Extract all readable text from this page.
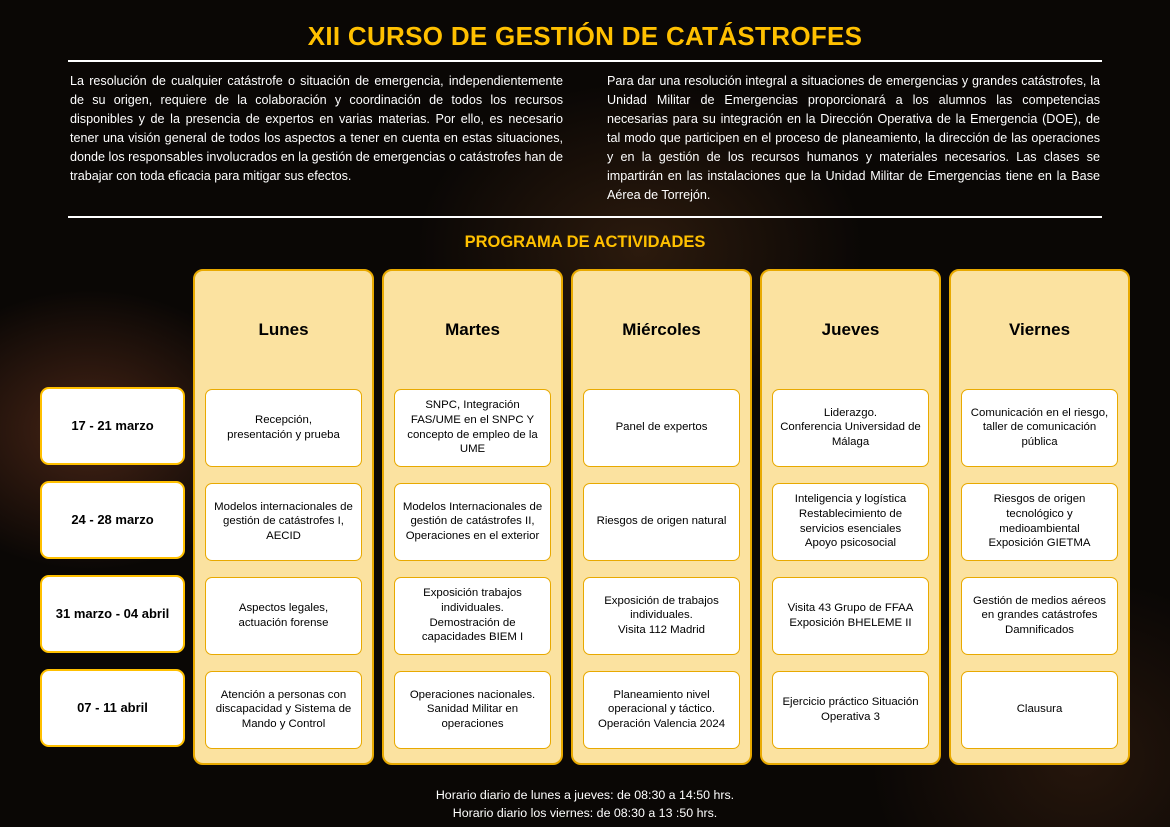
XII CURSO DE GESTIÓN DE CATÁSTROFES

La resolución de cualquier catástrofe o situación de emergencia, independientemente de su origen, requiere de la colaboración y coordinación de todos los recursos disponibles y de la presencia de expertos en varias materias. Por ello, es necesario tener una visión general de todos los aspectos a tener en cuenta en estas situaciones, donde los responsables involucrados en la gestión de emergencias o catástrofes han de trabajar con toda eficacia para mitigar sus efectos.

Para dar una resolución integral a situaciones de emergencias y grandes catástrofes, la Unidad Militar de Emergencias proporcionará a los alumnos las competencias necesarias para su integración en la Dirección Operativa de la Emergencia (DOE), de tal modo que participen en el proceso de planeamiento, la dirección de las operaciones y en la gestión de los recursos humanos y materiales necesarios. Las clases se impartirán en las instalaciones que la Unidad Militar de Emergencias tiene en la Base Aérea de Torrejón.

PROGRAMA DE ACTIVIDADES
17 - 21 marzo
24 - 28 marzo
31 marzo - 04 abril
07 - 11 abril
Lunes
Recepción,
presentación y prueba
Modelos internacionales de gestión de catástrofes I, AECID
Aspectos legales,
actuación forense
Atención a personas con discapacidad y Sistema de Mando y Control
Martes
SNPC, Integración FAS/UME en el SNPC Y concepto de empleo de la UME
Modelos Internacionales de gestión de catástrofes II, Operaciones en el exterior
Exposición trabajos individuales.
Demostración de capacidades BIEM I
Operaciones nacionales.
Sanidad Militar en operaciones
Miércoles
Panel de expertos
Riesgos de origen natural
Exposición de trabajos individuales.
Visita 112 Madrid
Planeamiento nivel operacional y táctico.
Operación Valencia 2024
Jueves
Liderazgo.
Conferencia Universidad de Málaga
Inteligencia y logística
Restablecimiento de servicios esenciales
Apoyo psicosocial
Visita 43 Grupo de FFAA
Exposición BHELEME II
Ejercicio práctico Situación Operativa 3
Viernes
Comunicación en el riesgo, taller de comunicación pública
Riesgos de origen tecnológico y medioambiental
Exposición GIETMA
Gestión de medios aéreos en grandes catástrofes
Damnificados
Clausura
Horario diario de lunes a jueves: de 08:30 a 14:50 hrs.
Horario diario los viernes: de 08:30 a 13 :50 hrs.
